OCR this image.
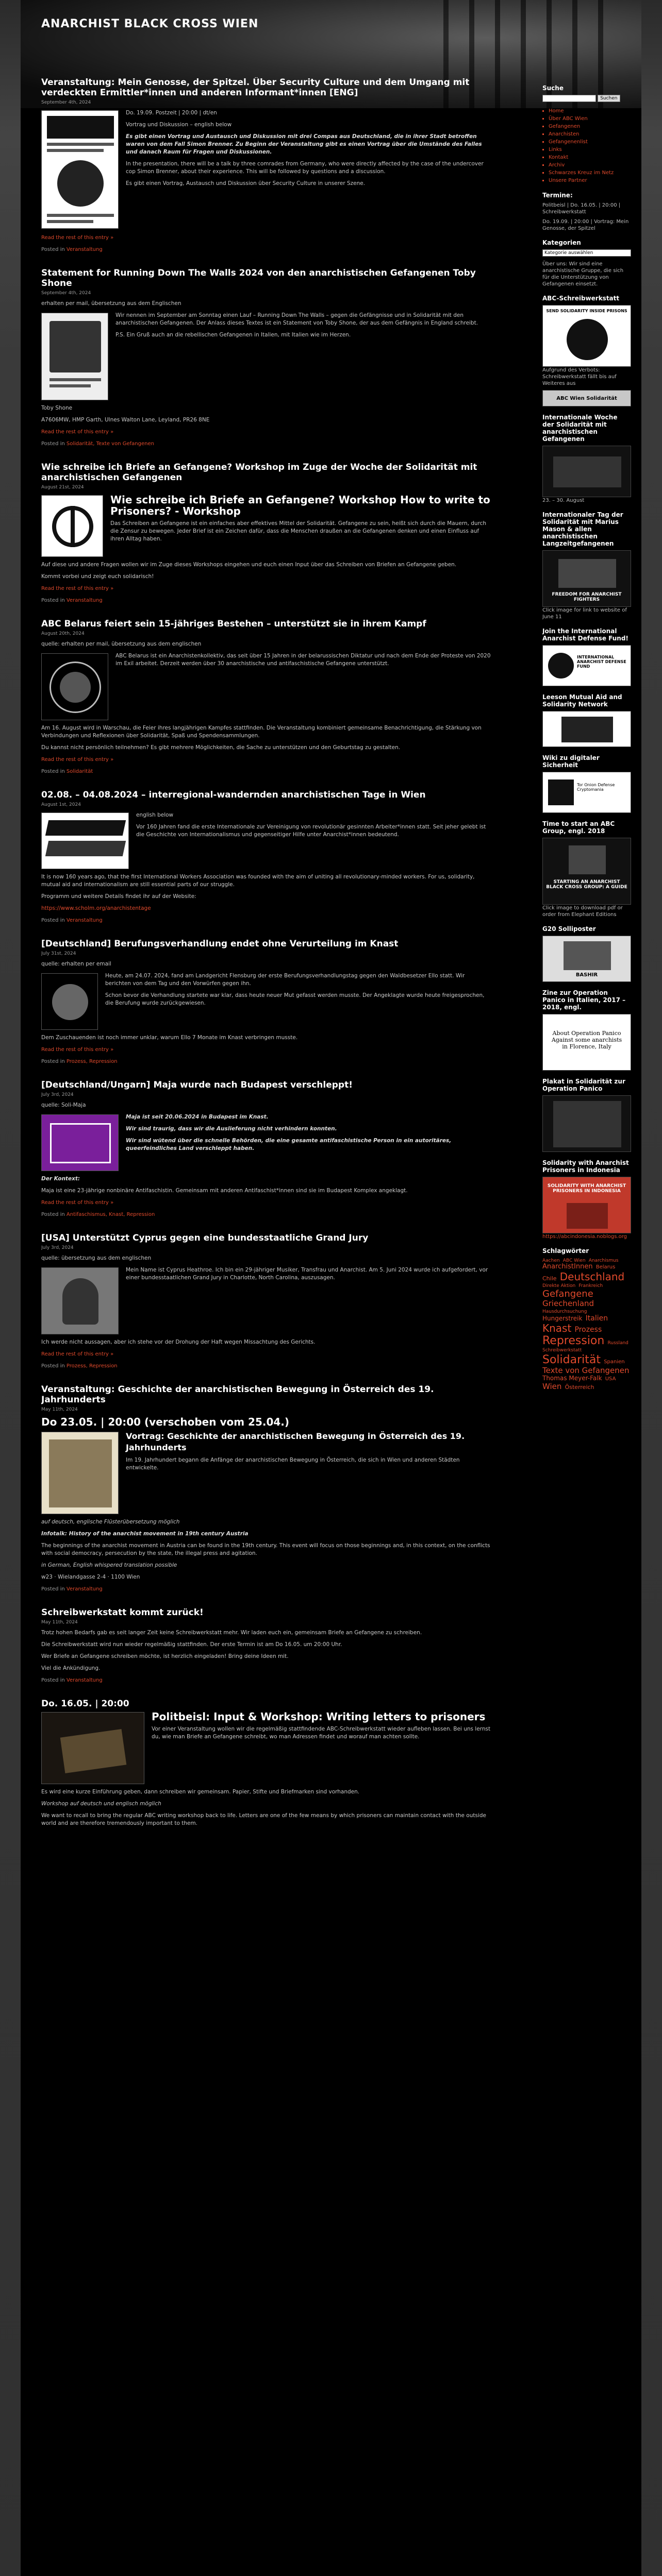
ANARCHIST BLACK CROSS WIEN
Veranstaltung: Mein Genosse, der Spitzel. Über Security Culture und dem Umgang mit verdeckten Ermittler*innen und anderen Informant*innen [ENG]
September 4th, 2024

Do. 19.09. Postzeit | 20:00 | dt/en

Vortrag und Diskussion – english below

Es gibt einen Vortrag und Austausch und Diskussion mit drei Compas aus Deutschland, die in ihrer Stadt betroffen waren von dem Fall Simon Brenner. Zu Beginn der Veranstaltung gibt es einen Vortrag über die Umstände des Falles und danach Raum für Fragen und Diskussionen.

In the presentation, there will be a talk by three comrades from Germany, who were directly affected by the case of the undercover cop Simon Brenner, about their experience. This will be followed by questions and a discussion.

Es gibt einen Vortrag, Austausch und Diskussion über Security Culture in unserer Szene.

Read the rest of this entry »
Posted in Veranstaltung
Statement for Running Down The Walls 2024 von den anarchistischen Gefangenen Toby Shone
September 4th, 2024

erhalten per mail, übersetzung aus dem Englischen

Wir nennen im September am Sonntag einen Lauf – Running Down The Walls – gegen die Gefängnisse und in Solidarität mit den anarchistischen Gefangenen. Der Anlass dieses Textes ist ein Statement von Toby Shone, der aus dem Gefängnis in England schreibt.

P.S. Ein Gruß auch an die rebellischen Gefangenen in Italien, mit Italien wie im Herzen.

Toby Shone

A7606MW, HMP Garth, Ulnes Walton Lane, Leyland, PR26 8NE

Read the rest of this entry »
Posted in Solidarität, Texte von Gefangenen
Wie schreibe ich Briefe an Gefangene? Workshop im Zuge der Woche der Solidarität mit anarchistischen Gefangenen
August 21st, 2024
Wie schreibe ich Briefe an Gefangene? Workshop How to write to Prisoners? - Workshop

Das Schreiben an Gefangene ist ein einfaches aber effektives Mittel der Solidarität. Gefangene zu sein, heißt sich durch die Mauern, durch die Zensur zu bewegen. Jeder Brief ist ein Zeichen dafür, dass die Menschen draußen an die Gefangenen denken und einen Einfluss auf ihren Alltag haben.

Auf diese und andere Fragen wollen wir im Zuge dieses Workshops eingehen und euch einen Input über das Schreiben von Briefen an Gefangene geben.

Kommt vorbei und zeigt euch solidarisch!

Read the rest of this entry »
Posted in Veranstaltung
ABC Belarus feiert sein 15-jähriges Bestehen – unterstützt sie in ihrem Kampf
August 20th, 2024

quelle: erhalten per mail, übersetzung aus dem englischen

ABC Belarus ist ein Anarchistenkollektiv, das seit über 15 Jahren in der belarussischen Diktatur und nach dem Ende der Proteste von 2020 im Exil arbeitet. Derzeit werden über 30 anarchistische und antifaschistische Gefangene unterstützt.

Am 16. August wird in Warschau, die Feier ihres langjährigen Kampfes stattfinden. Die Veranstaltung kombiniert gemeinsame Benachrichtigung, die Stärkung von Verbindungen und Reflexionen über Solidarität, Spaß und Spendensammlungen.

Du kannst nicht persönlich teilnehmen? Es gibt mehrere Möglichkeiten, die Sache zu unterstützen und den Geburtstag zu gestalten.

Read the rest of this entry »
Posted in Solidarität
02.08. – 04.08.2024 – interregional-wandernden anarchistischen Tage in Wien
August 1st, 2024

english below

Vor 160 Jahren fand die erste Internationale zur Vereinigung von revolutionär gesinnten Arbeiter*innen statt. Seit jeher gelebt ist die Geschichte von Internationalismus und gegenseitiger Hilfe unter Anarchist*innen bedeutend.

It is now 160 years ago, that the first International Workers Association was founded with the aim of uniting all revolutionary-minded workers. For us, solidarity, mutual aid and internationalism are still essential parts of our struggle.

Programm und weitere Details findet ihr auf der Website:

https://www.scholm.org/anarchistentage

Posted in Veranstaltung
[Deutschland] Berufungsverhandlung endet ohne Verurteilung im Knast
July 31st, 2024

quelle: erhalten per email

Heute, am 24.07. 2024, fand am Landgericht Flensburg der erste Berufungsverhandlungstag gegen den Waldbesetzer Ello statt. Wir berichten von dem Tag und den Vorwürfen gegen ihn.

Schon bevor die Verhandlung startete war klar, dass heute neuer Mut gefasst werden musste. Der Angeklagte wurde heute freigesprochen, die Berufung wurde zurückgewiesen.

Dem Zuschauenden ist noch immer unklar, warum Ello 7 Monate im Knast verbringen musste.

Read the rest of this entry »
Posted in Prozess, Repression
[Deutschland/Ungarn] Maja wurde nach Budapest verschleppt!
July 3rd, 2024

quelle: Soli-Maja

Maja ist seit 20.06.2024 in Budapest im Knast.

Wir sind traurig, dass wir die Auslieferung nicht verhindern konnten.

Wir sind wütend über die schnelle Behörden, die eine gesamte antifaschistische Person in ein autoritäres, queerfeindliches Land verschleppt haben.

Der Kontext:

Maja ist eine 23-jährige nonbinäre Antifaschistin. Gemeinsam mit anderen Antifaschist*innen sind sie im Budapest Komplex angeklagt.

Read the rest of this entry »
Posted in Antifaschismus, Knast, Repression
[USA] Unterstützt Cyprus gegen eine bundesstaatliche Grand Jury
July 3rd, 2024

quelle: übersetzung aus dem englischen

Mein Name ist Cyprus Heathroe. Ich bin ein 29-jähriger Musiker, Transfrau und Anarchist. Am 5. Juni 2024 wurde ich aufgefordert, vor einer bundesstaatlichen Grand Jury in Charlotte, North Carolina, auszusagen.

Ich werde nicht aussagen, aber ich stehe vor der Drohung der Haft wegen Missachtung des Gerichts.

Read the rest of this entry »
Posted in Prozess, Repression
Veranstaltung: Geschichte der anarchistischen Bewegung in Österreich des 19. Jahrhunderts
May 11th, 2024
Do 23.05. | 20:00 (verschoben vom 25.04.)
Vortrag: Geschichte der anarchistischen Bewegung in Österreich des 19. Jahrhunderts

Im 19. Jahrhundert begann die Anfänge der anarchistischen Bewegung in Österreich, die sich in Wien und anderen Städten entwickelte.

auf deutsch, englische Flüsterübersetzung möglich

Infotalk: History of the anarchist movement in 19th century Austria

The beginnings of the anarchist movement in Austria can be found in the 19th century. This event will focus on those beginnings and, in this context, on the conflicts with social democracy, persecution by the state, the illegal press and agitation.

in German, English whispered translation possible

w23 · Wielandgasse 2-4 · 1100 Wien

Posted in Veranstaltung
Schreibwerkstatt kommt zurück!
May 11th, 2024

Trotz hohen Bedarfs gab es seit langer Zeit keine Schreibwerkstatt mehr. Wir laden euch ein, gemeinsam Briefe an Gefangene zu schreiben.

Die Schreibwerkstatt wird nun wieder regelmäßig stattfinden. Der erste Termin ist am Do 16.05. um 20:00 Uhr.

Wer Briefe an Gefangene schreiben möchte, ist herzlich eingeladen! Bring deine Ideen mit.

Viel die Ankündigung.

Posted in Veranstaltung
Do. 16.05. | 20:00
Politbeisl: Input & Workshop: Writing letters to prisoners

Vor einer Veranstaltung wollen wir die regelmäßig stattfindende ABC-Schreibwerkstatt wieder aufleben lassen. Bei uns lernst du, wie man Briefe an Gefangene schreibt, wo man Adressen findet und worauf man achten sollte.

Es wird eine kurze Einführung geben, dann schreiben wir gemeinsam. Papier, Stifte und Briefmarken sind vorhanden.

Workshop auf deutsch und englisch möglich

We want to recall to bring the regular ABC writing workshop back to life. Letters are one of the few means by which prisoners can maintain contact with the outside world and are therefore tremendously important to them.

Suche
Suchen
▪ Home
▪ Über ABC Wien
▪ Gefangenen
▪ Anarchisten
▪ Gefangenenlist
▪ Links
▪ Kontakt
▪ Archiv
▪ Schwarzes Kreuz im Netz
▪ Unsere Partner
Termine:

Politbeisl | Do. 16.05. | 20:00 | Schreibwerkstatt

Do. 19.09. | 20:00 | Vortrag: Mein Genosse, der Spitzel

Kategorien
Kategorie auswählen

Über uns: Wir sind eine anarchistische Gruppe, die sich für die Unterstützung von Gefangenen einsetzt.

ABC-Schreibwerkstatt
SEND SOLIDARITY INSIDE PRISONS

Aufgrund des Verbots: Schreibwerkstatt fällt bis auf Weiteres aus

ABC Wien Solidarität
Internationale Woche der Solidarität mit anarchistischen Gefangenen

23. – 30. August

Internationaler Tag der Solidarität mit Marius Mason & allen anarchistischen Langzeitgefangenen
FREEDOM FOR ANARCHIST FIGHTERS

Click image for link to website of June 11

Join the International Anarchist Defense Fund!
INTERNATIONAL ANARCHIST DEFENSE FUND
Leeson Mutual Aid and Solidarity Network
Wiki zu digitaler Sicherheit
Tor Onion Defense Cryptomania
Time to start an ABC Group, engl. 2018
STARTING AN ANARCHIST BLACK CROSS GROUP: A GUIDE

Click image to download pdf or order from Elephant Editions

G20 Solliposter
BASHIR
Zine zur Operation Panico in Italien, 2017 – 2018, engl.
About Operation Panico Against some anarchists in Florence, Italy
Plakat in Solidarität zur Operation Panico
Solidarity with Anarchist Prisoners in Indonesia
SOLIDARITY WITH ANARCHIST PRISONERS IN INDONESIA

https://abcindonesia.noblogs.org

Schlagwörter
Aachen ABC Wien Anarchismus AnarchistInnen Belarus Chile Deutschland Direkte Aktion Frankreich Gefangene Griechenland Hausdurchsuchung Hungerstreik Italien Knast Prozess Repression Russland Schreibwerkstatt Solidarität Spanien Texte von Gefangenen Thomas Meyer-Falk USA Wien Österreich
